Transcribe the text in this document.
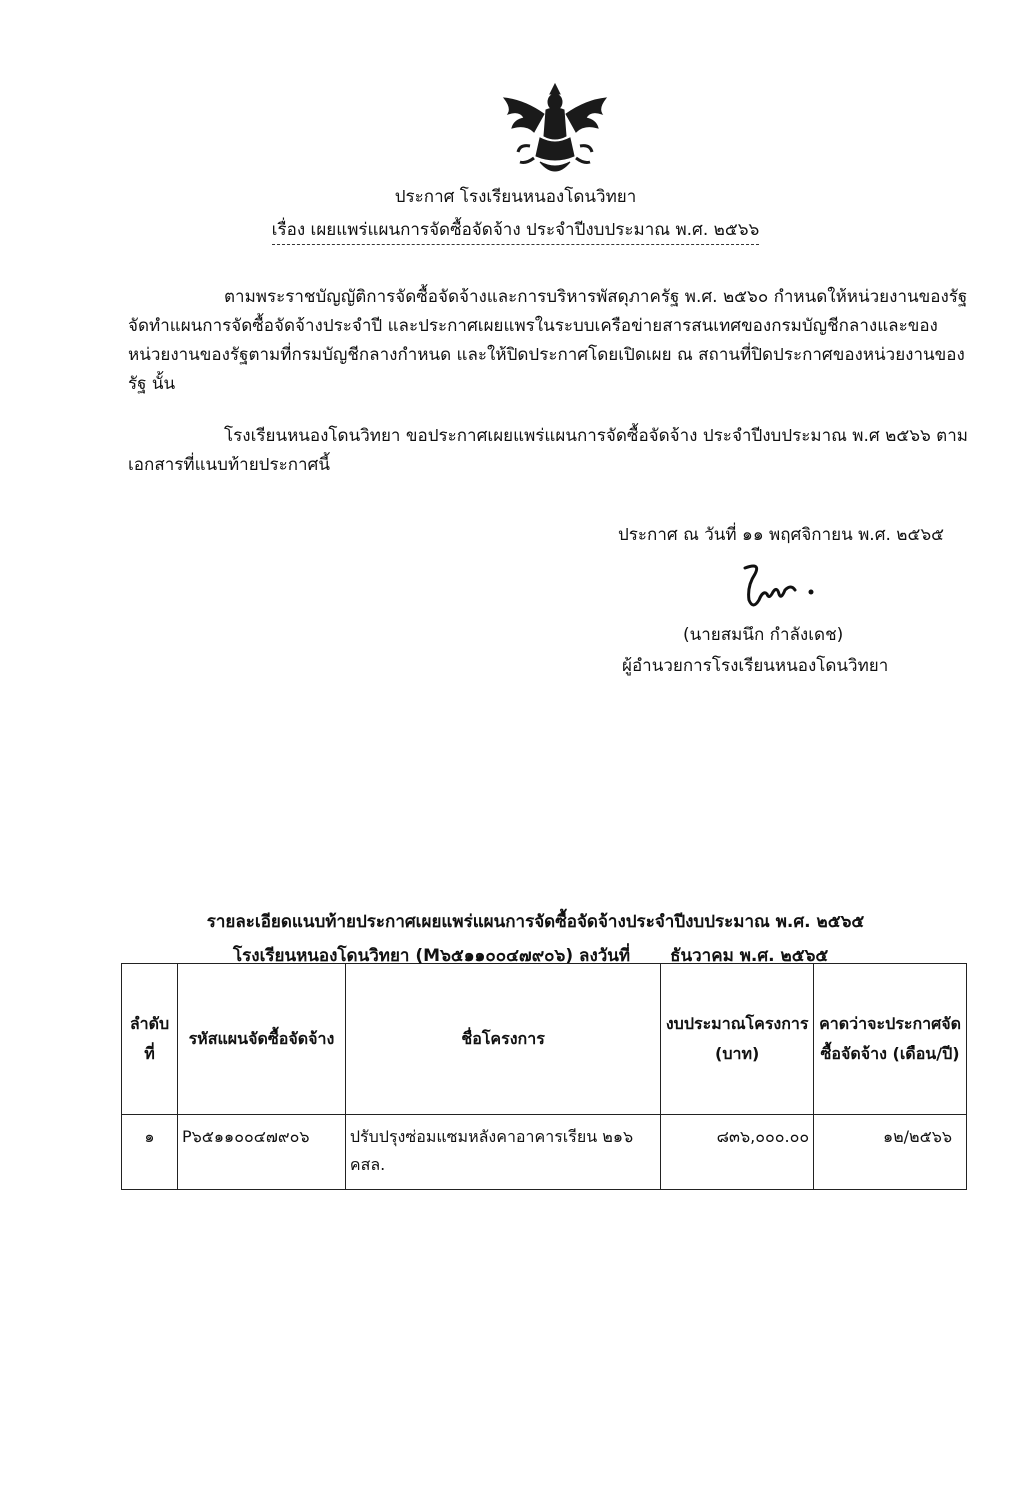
ประกาศ โรงเรียนหนองโดนวิทยา
เรื่อง เผยแพร่แผนการจัดซื้อจัดจ้าง ประจำปีงบประมาณ พ.ศ. ๒๕๖๖
ตามพระราชบัญญัติการจัดซื้อจัดจ้างและการบริหารพัสดุภาครัฐ พ.ศ. ๒๕๖๐ กำหนดให้หน่วยงานของรัฐจัดทำแผนการจัดซื้อจัดจ้างประจำปี และประกาศเผยแพรในระบบเครือข่ายสารสนเทศของกรมบัญชีกลางและของหน่วยงานของรัฐตามที่กรมบัญชีกลางกำหนด และให้ปิดประกาศโดยเปิดเผย ณ สถานที่ปิดประกาศของหน่วยงานของรัฐ นั้น
โรงเรียนหนองโดนวิทยา ขอประกาศเผยแพร่แผนการจัดซื้อจัดจ้าง ประจำปีงบประมาณ พ.ศ ๒๕๖๖ ตามเอกสารที่แนบท้ายประกาศนี้
ประกาศ ณ วันที่ ๑๑ พฤศจิกายน พ.ศ. ๒๕๖๕
(นายสมนึก กำลังเดช)
ผู้อำนวยการโรงเรียนหนองโดนวิทยา
รายละเอียดแนบท้ายประกาศเผยแพร่แผนการจัดซื้อจัดจ้างประจำปีงบประมาณ พ.ศ. ๒๕๖๕
โรงเรียนหนองโดนวิทยา (M๖๕๑๑๐๐๔๗๙๐๖) ลงวันที่ ธันวาคม พ.ศ. ๒๕๖๕
ลำดับที่	รหัสแผนจัดซื้อจัดจ้าง	ชื่อโครงการ	งบประมาณโครงการ (บาท)	คาดว่าจะประกาศจัดซื้อจัดจ้าง (เดือน/ปี)
๑	P๖๕๑๑๐๐๔๗๙๐๖	ปรับปรุงซ่อมแซมหลังคาอาคารเรียน ๒๑๖ คสล.	๘๓๖,๐๐๐.๐๐	๑๒/๒๕๖๖
